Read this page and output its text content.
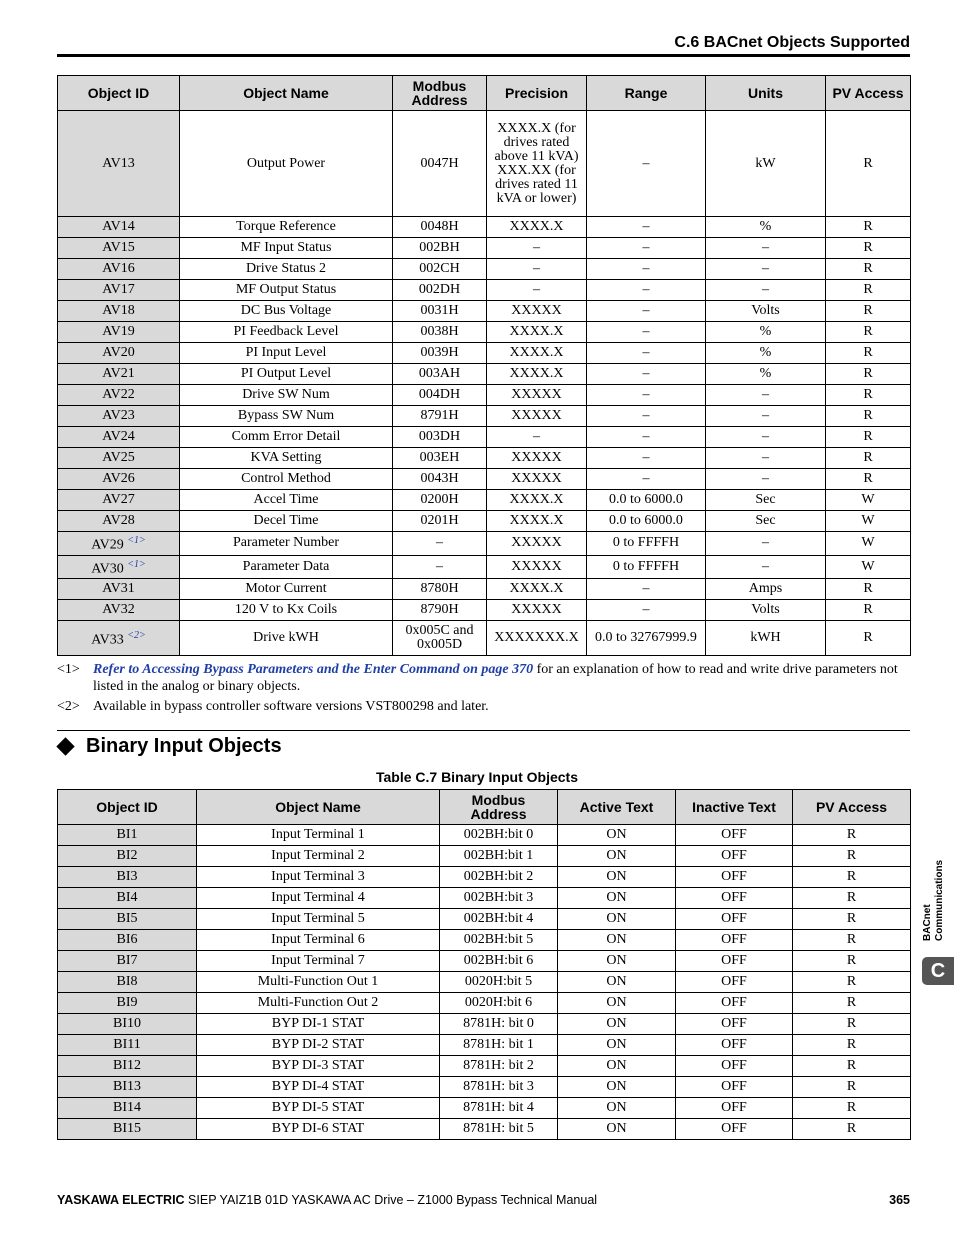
C.6 BACnet Objects Supported
Object ID	Object Name	Modbus Address	Precision	Range	Units	PV Access
AV13	Output Power	0047H	XXXX.X (for drives rated above 11 kVA) XXX.XX (for drives rated 11 kVA or lower)	–	kW	R
AV14	Torque Reference	0048H	XXXX.X	–	%	R
AV15	MF Input Status	002BH	–	–	–	R
AV16	Drive Status 2	002CH	–	–	–	R
AV17	MF Output Status	002DH	–	–	–	R
AV18	DC Bus Voltage	0031H	XXXXX	–	Volts	R
AV19	PI Feedback Level	0038H	XXXX.X	–	%	R
AV20	PI Input Level	0039H	XXXX.X	–	%	R
AV21	PI Output Level	003AH	XXXX.X	–	%	R
AV22	Drive SW Num	004DH	XXXXX	–	–	R
AV23	Bypass SW Num	8791H	XXXXX	–	–	R
AV24	Comm Error Detail	003DH	–	–	–	R
AV25	KVA Setting	003EH	XXXXX	–	–	R
AV26	Control Method	0043H	XXXXX	–	–	R
AV27	Accel Time	0200H	XXXX.X	0.0 to 6000.0	Sec	W
AV28	Decel Time	0201H	XXXX.X	0.0 to 6000.0	Sec	W
AV29 $^{<1>}$	Parameter Number	–	XXXXX	0 to FFFFH	–	W
AV30 $^{<1>}$	Parameter Data	–	XXXXX	0 to FFFFH	–	W
AV31	Motor Current	8780H	XXXX.X	–	Amps	R
AV32	120 V to Kx Coils	8790H	XXXXX	–	Volts	R
AV33 $^{<2>}$	Drive kWH	0x005C and 0x005D	XXXXXXX.X	0.0 to 32767999.9	kWH	R
<1> Refer to Accessing Bypass Parameters and the Enter Command on page 370 for an explanation of how to read and write drive parameters not listed in the analog or binary objects.
<2> Available in bypass controller software versions VST800298 and later.
Binary Input Objects
Table C.7 Binary Input Objects
Object ID	Object Name	Modbus Address	Active Text	Inactive Text	PV Access
BI1	Input Terminal 1	002BH:bit 0	ON	OFF	R
BI2	Input Terminal 2	002BH:bit 1	ON	OFF	R
BI3	Input Terminal 3	002BH:bit 2	ON	OFF	R
BI4	Input Terminal 4	002BH:bit 3	ON	OFF	R
BI5	Input Terminal 5	002BH:bit 4	ON	OFF	R
BI6	Input Terminal 6	002BH:bit 5	ON	OFF	R
BI7	Input Terminal 7	002BH:bit 6	ON	OFF	R
BI8	Multi-Function Out 1	0020H:bit 5	ON	OFF	R
BI9	Multi-Function Out 2	0020H:bit 6	ON	OFF	R
BI10	BYP DI-1 STAT	8781H: bit 0	ON	OFF	R
BI11	BYP DI-2 STAT	8781H: bit 1	ON	OFF	R
BI12	BYP DI-3 STAT	8781H: bit 2	ON	OFF	R
BI13	BYP DI-4 STAT	8781H: bit 3	ON	OFF	R
BI14	BYP DI-5 STAT	8781H: bit 4	ON	OFF	R
BI15	BYP DI-6 STAT	8781H: bit 5	ON	OFF	R
BACnet Communications
C
YASKAWA ELECTRIC SIEP YAIZ1B 01D YASKAWA AC Drive – Z1000 Bypass Technical Manual	365
